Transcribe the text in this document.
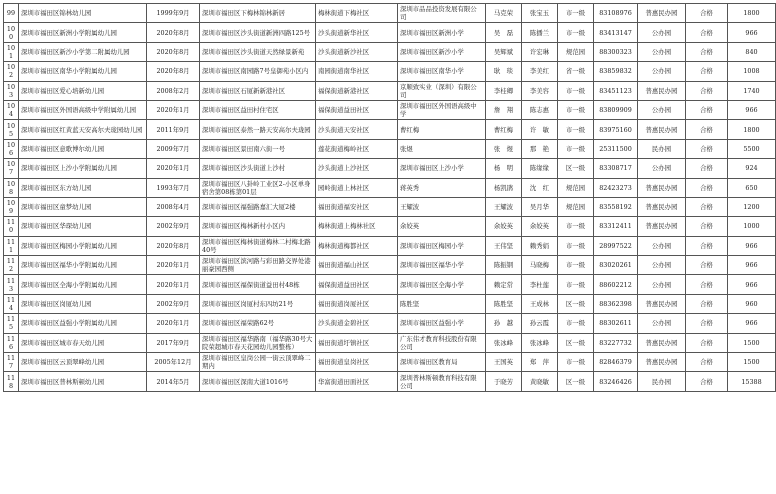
99	深圳市福田区锦林幼儿园	1999年9月	深圳市福田区下梅林锦林新居	梅林街道下梅社区	深圳市品品投资发展有限公司	马克荣	张宝玉	市一级	83108976	普惠民办园	合格	1800
100	深圳市福田区新洲小学附属幼儿园	2020年8月	深圳市福田区沙头街道新洲四路125号	沙头街道新华社区	深圳市福田区新洲小学	吴　磊	陈播兰	市一级	83413147	公办园	合格	966
101	深圳市福田区新沙小学第二附属幼儿园	2020年8月	深圳市福田区沙头街道天然绿景新苑	沙头街道新沙社区	深圳市福田区新沙小学	吴辉斌	许宏琳	规范园	88300323	公办园	合格	840
102	深圳市福田区南华小学附属幼儿园	2020年8月	深圳市福田区南园路7号皇御苑小区内	南园街道南华社区	深圳市福田区南华小学	耿　琰	李美红	省一级	83859832	公办园	合格	1008
103	深圳市福田区爱心培新幼儿园	2008年2月	深圳市福田区石厦新新港社区	福保街道新港社区	京顺致实业（深圳）有限公司	李桂卿	李美容	市一级	83451123	普惠民办园	合格	1740
104	深圳市福田区外国语高级中学附属幼儿园	2020年1月	深圳市福田区益田村住宅区	福保街道益田社区	深圳市福田区外国语高级中学	詹　翔	陈志惠	市一级	83809909	公办园	合格	966
105	深圳市福田区红黄蓝天安高尔夫珑园幼儿园	2011年9月	深圳市福田区泰然一路天安高尔夫珑园	沙头街道天安社区	曹红梅	曹红梅	许　敏	市一级	83975160	普惠民办园	合格	1800
106	深圳市福田区意歌博尔幼儿园	2009年7月	深圳市福田区景田南六街一号	莲花街道梅岭社区	张煜	张　煜	那　艳	市一级	25311500	民办园	合格	5500
107	深圳市福田区上沙小学附属幼儿园	2020年1月	深圳市福田区沙头街道上沙村	沙头街道上沙社区	深圳市福田区上沙小学	杨　明	陈缘缘	区一级	83308717	公办园	合格	924
108	深圳市福田区东方幼儿园	1993年7月	深圳市福田区八卦岭工业区2-小区单身宿舍第08栋第01层	园岭街道上林社区	蒋英秀	杨凯鹃	沈　红	规范园	82423273	普惠民办园	合格	650
109	深圳市福田区童梦幼儿园	2008年4月	深圳市福田区福强路嘉汇大厦2楼	福田街道福安社区	王耀波	王耀波	吴月华	规范园	83558192	普惠民办园	合格	1200
110	深圳市福田区华琛幼儿园	2002年9月	深圳市福田区梅林新村小区内	梅林街道上梅林社区	余姣英	余姣英	余姣英	市一级	83312411	普惠民办园	合格	1000
111	深圳市福田区梅园小学附属幼儿园	2020年8月	深圳市福田区梅林街道梅林二村梅北路40号	梅林街道梅都社区	深圳市福田区梅园小学	王伟坚	赖秀娟	市一级	28997522	公办园	合格	966
112	深圳市福田区福华小学附属幼儿园	2020年1月	深圳市福田区滨河路与彩田路交界处港丽豪园西侧	福田街道福山社区	深圳市福田区福华小学	陈振钢	马晓梅	市一级	83020261	公办园	合格	966
113	深圳市福田区全海小学附属幼儿园	2020年1月	深圳市福田区福保街道益田村48栋	福保街道益田社区	深圳市福田区全海小学	赖定常	李杜莲	市一级	88602212	公办园	合格	966
114	深圳市福田区岗厦幼儿园	2002年9月	深圳市福田区岗厦村东四坊21号	福田街道岗厦社区	陈胜坚	陈胜坚	王成林	区一级	88362398	普惠民办园	合格	960
115	深圳市福田区益强小学附属幼儿园	2020年1月	深圳市福田区福荣路62号	沙头街道金碧社区	深圳市福田区益强小学	孙　越	孙云霞	市一级	88302611	公办园	合格	966
116	深圳市福田区城市春天幼儿园	2017年9月	深圳市福田区福华路南（福华路30号大院荣超城市春天花园幼儿园整栋）	福田街道圩镇社区	广东伟才教育科技股份有限公司	张冰峰	张冰峰	区一级	83227732	普惠民办园	合格	1500
117	深圳市福田区云顶翠峰幼儿园	2005年12月	深圳市福田区皇岗公园一街云顶翠峰二期内	福田街道皇岗社区	深圳市福田区教育局	王国英	郑　萍	市一级	82846379	普惠民办园	合格	1500
118	深圳市福田区普林斯顿幼儿园	2014年5月	深圳市福田区深南大道1016号	华富街道田面社区	深圳普林斯顿教育科技有限公司	于晓芳	黄晓敏	区一级	83246426	民办园	合格	15388
